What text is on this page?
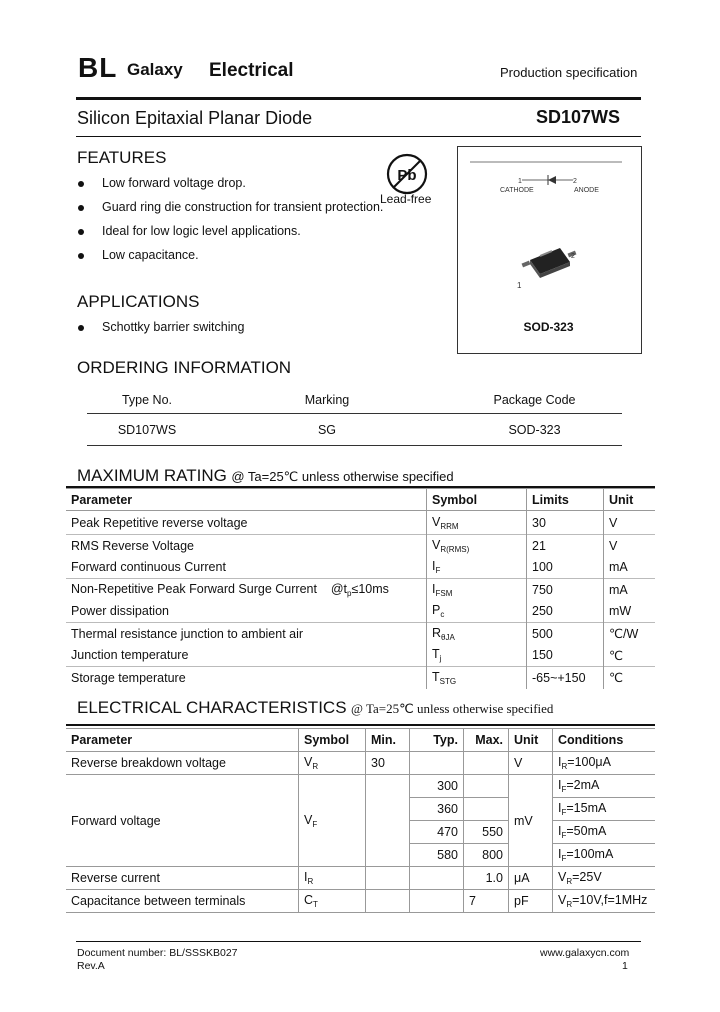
BL Galaxy Electrical	Production specification
Silicon Epitaxial Planar Diode	SD107WS
FEATURES
Low forward voltage drop.
Guard ring die construction for transient protection.
Ideal for low logic level applications.
Low capacitance.
Pb
Lead-free
1	2
CATHODE	ANODE
1
2
SOD-323
APPLICATIONS
Schottky barrier switching
ORDERING INFORMATION
Type No.	Marking	Package Code
SD107WS	SG	SOD-323
MAXIMUM RATING @ Ta=25℃ unless otherwise specified
Parameter	Symbol	Limits	Unit
Peak Repetitive reverse voltage	$V_{RRM}$	30	V
RMS Reverse Voltage	$V_{R(RMS)}$	21	V
Forward continuous Current	$I_F$	100	mA
Non-Repetitive Peak Forward Surge Current $@t_p\le 10ms$	$I_{FSM}$	750	mA
Power dissipation	$P_c$	250	mW
Thermal resistance junction to ambient air	$R_{\theta JA}$	500	℃/W
Junction temperature	$T_j$	150	℃
Storage temperature	$T_{STG}$	-65~+150	℃
ELECTRICAL CHARACTERISTICS @ Ta=25℃ unless otherwise specified
Parameter	Symbol	Min.	Typ.	Max.	Unit	Conditions
Reverse breakdown voltage	$V_R$	30			V	$I_R=100\mu A$
Forward voltage	$V_F$		300		mV	$I_F=2mA$
			360			$I_F=15mA$
			470	550		$I_F=50mA$
			580	800		$I_F=100mA$
Reverse current	$I_R$			1.0	μA	$V_R=25V$
Capacitance between terminals	$C_T$			7	pF	$V_R=10V,f=1MHz$
Document number: BL/SSSKB027
Rev.A
www.galaxycn.com
1
